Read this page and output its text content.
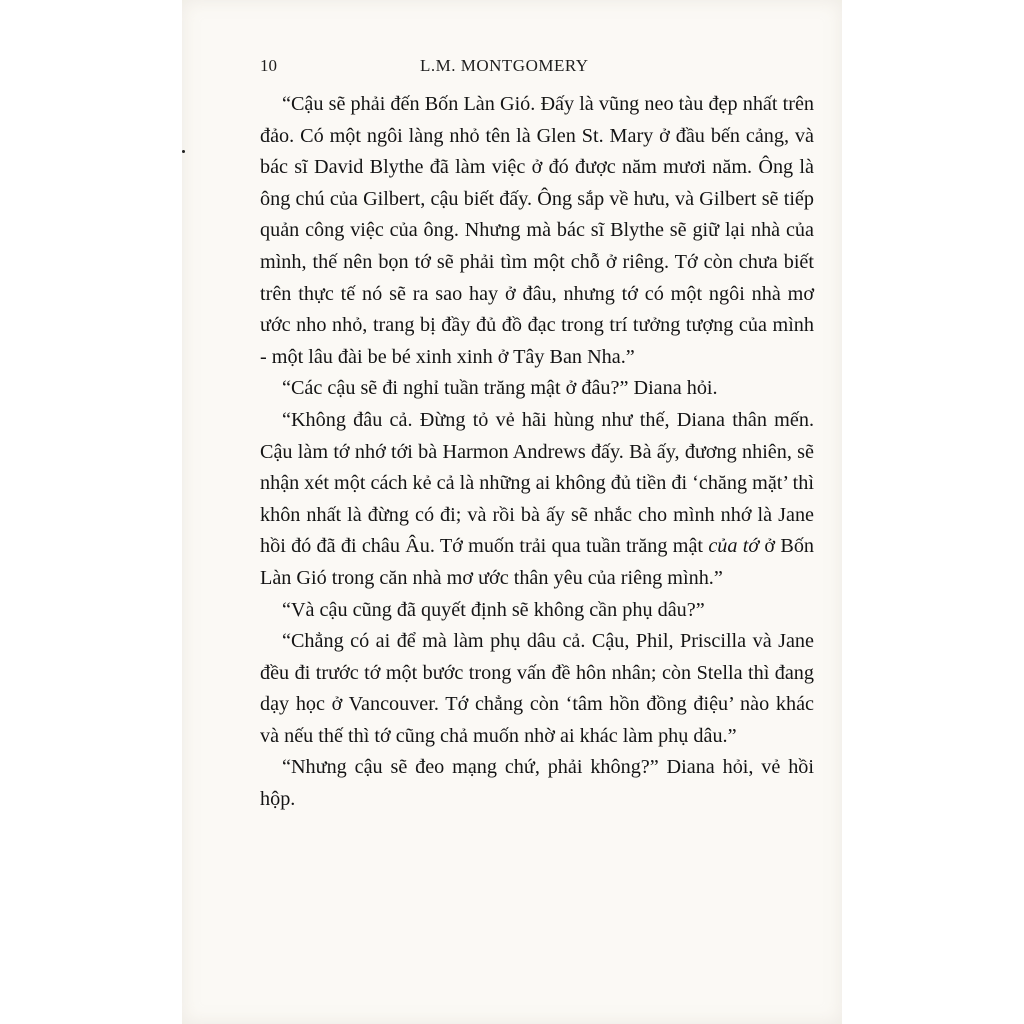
10	L.M. MONTGOMERY

“Cậu sẽ phải đến Bốn Làn Gió. Đấy là vũng neo tàu đẹp nhất trên đảo. Có một ngôi làng nhỏ tên là Glen St. Mary ở đầu bến cảng, và bác sĩ David Blythe đã làm việc ở đó được năm mươi năm. Ông là ông chú của Gilbert, cậu biết đấy. Ông sắp về hưu, và Gilbert sẽ tiếp quản công việc của ông. Nhưng mà bác sĩ Blythe sẽ giữ lại nhà của mình, thế nên bọn tớ sẽ phải tìm một chỗ ở riêng. Tớ còn chưa biết trên thực tế nó sẽ ra sao hay ở đâu, nhưng tớ có một ngôi nhà mơ ước nho nhỏ, trang bị đầy đủ đồ đạc trong trí tưởng tượng của mình - một lâu đài be bé xinh xinh ở Tây Ban Nha.”

“Các cậu sẽ đi nghỉ tuần trăng mật ở đâu?” Diana hỏi.

“Không đâu cả. Đừng tỏ vẻ hãi hùng như thế, Diana thân mến. Cậu làm tớ nhớ tới bà Harmon Andrews đấy. Bà ấy, đương nhiên, sẽ nhận xét một cách kẻ cả là những ai không đủ tiền đi ‘chăng mặt’ thì khôn nhất là đừng có đi; và rồi bà ấy sẽ nhắc cho mình nhớ là Jane hồi đó đã đi châu Âu. Tớ muốn trải qua tuần trăng mật của tớ ở Bốn Làn Gió trong căn nhà mơ ước thân yêu của riêng mình.”

“Và cậu cũng đã quyết định sẽ không cần phụ dâu?”

“Chẳng có ai để mà làm phụ dâu cả. Cậu, Phil, Priscilla và Jane đều đi trước tớ một bước trong vấn đề hôn nhân; còn Stella thì đang dạy học ở Vancouver. Tớ chẳng còn ‘tâm hồn đồng điệu’ nào khác và nếu thế thì tớ cũng chả muốn nhờ ai khác làm phụ dâu.”

“Nhưng cậu sẽ đeo mạng chứ, phải không?” Diana hỏi, vẻ hồi hộp.
